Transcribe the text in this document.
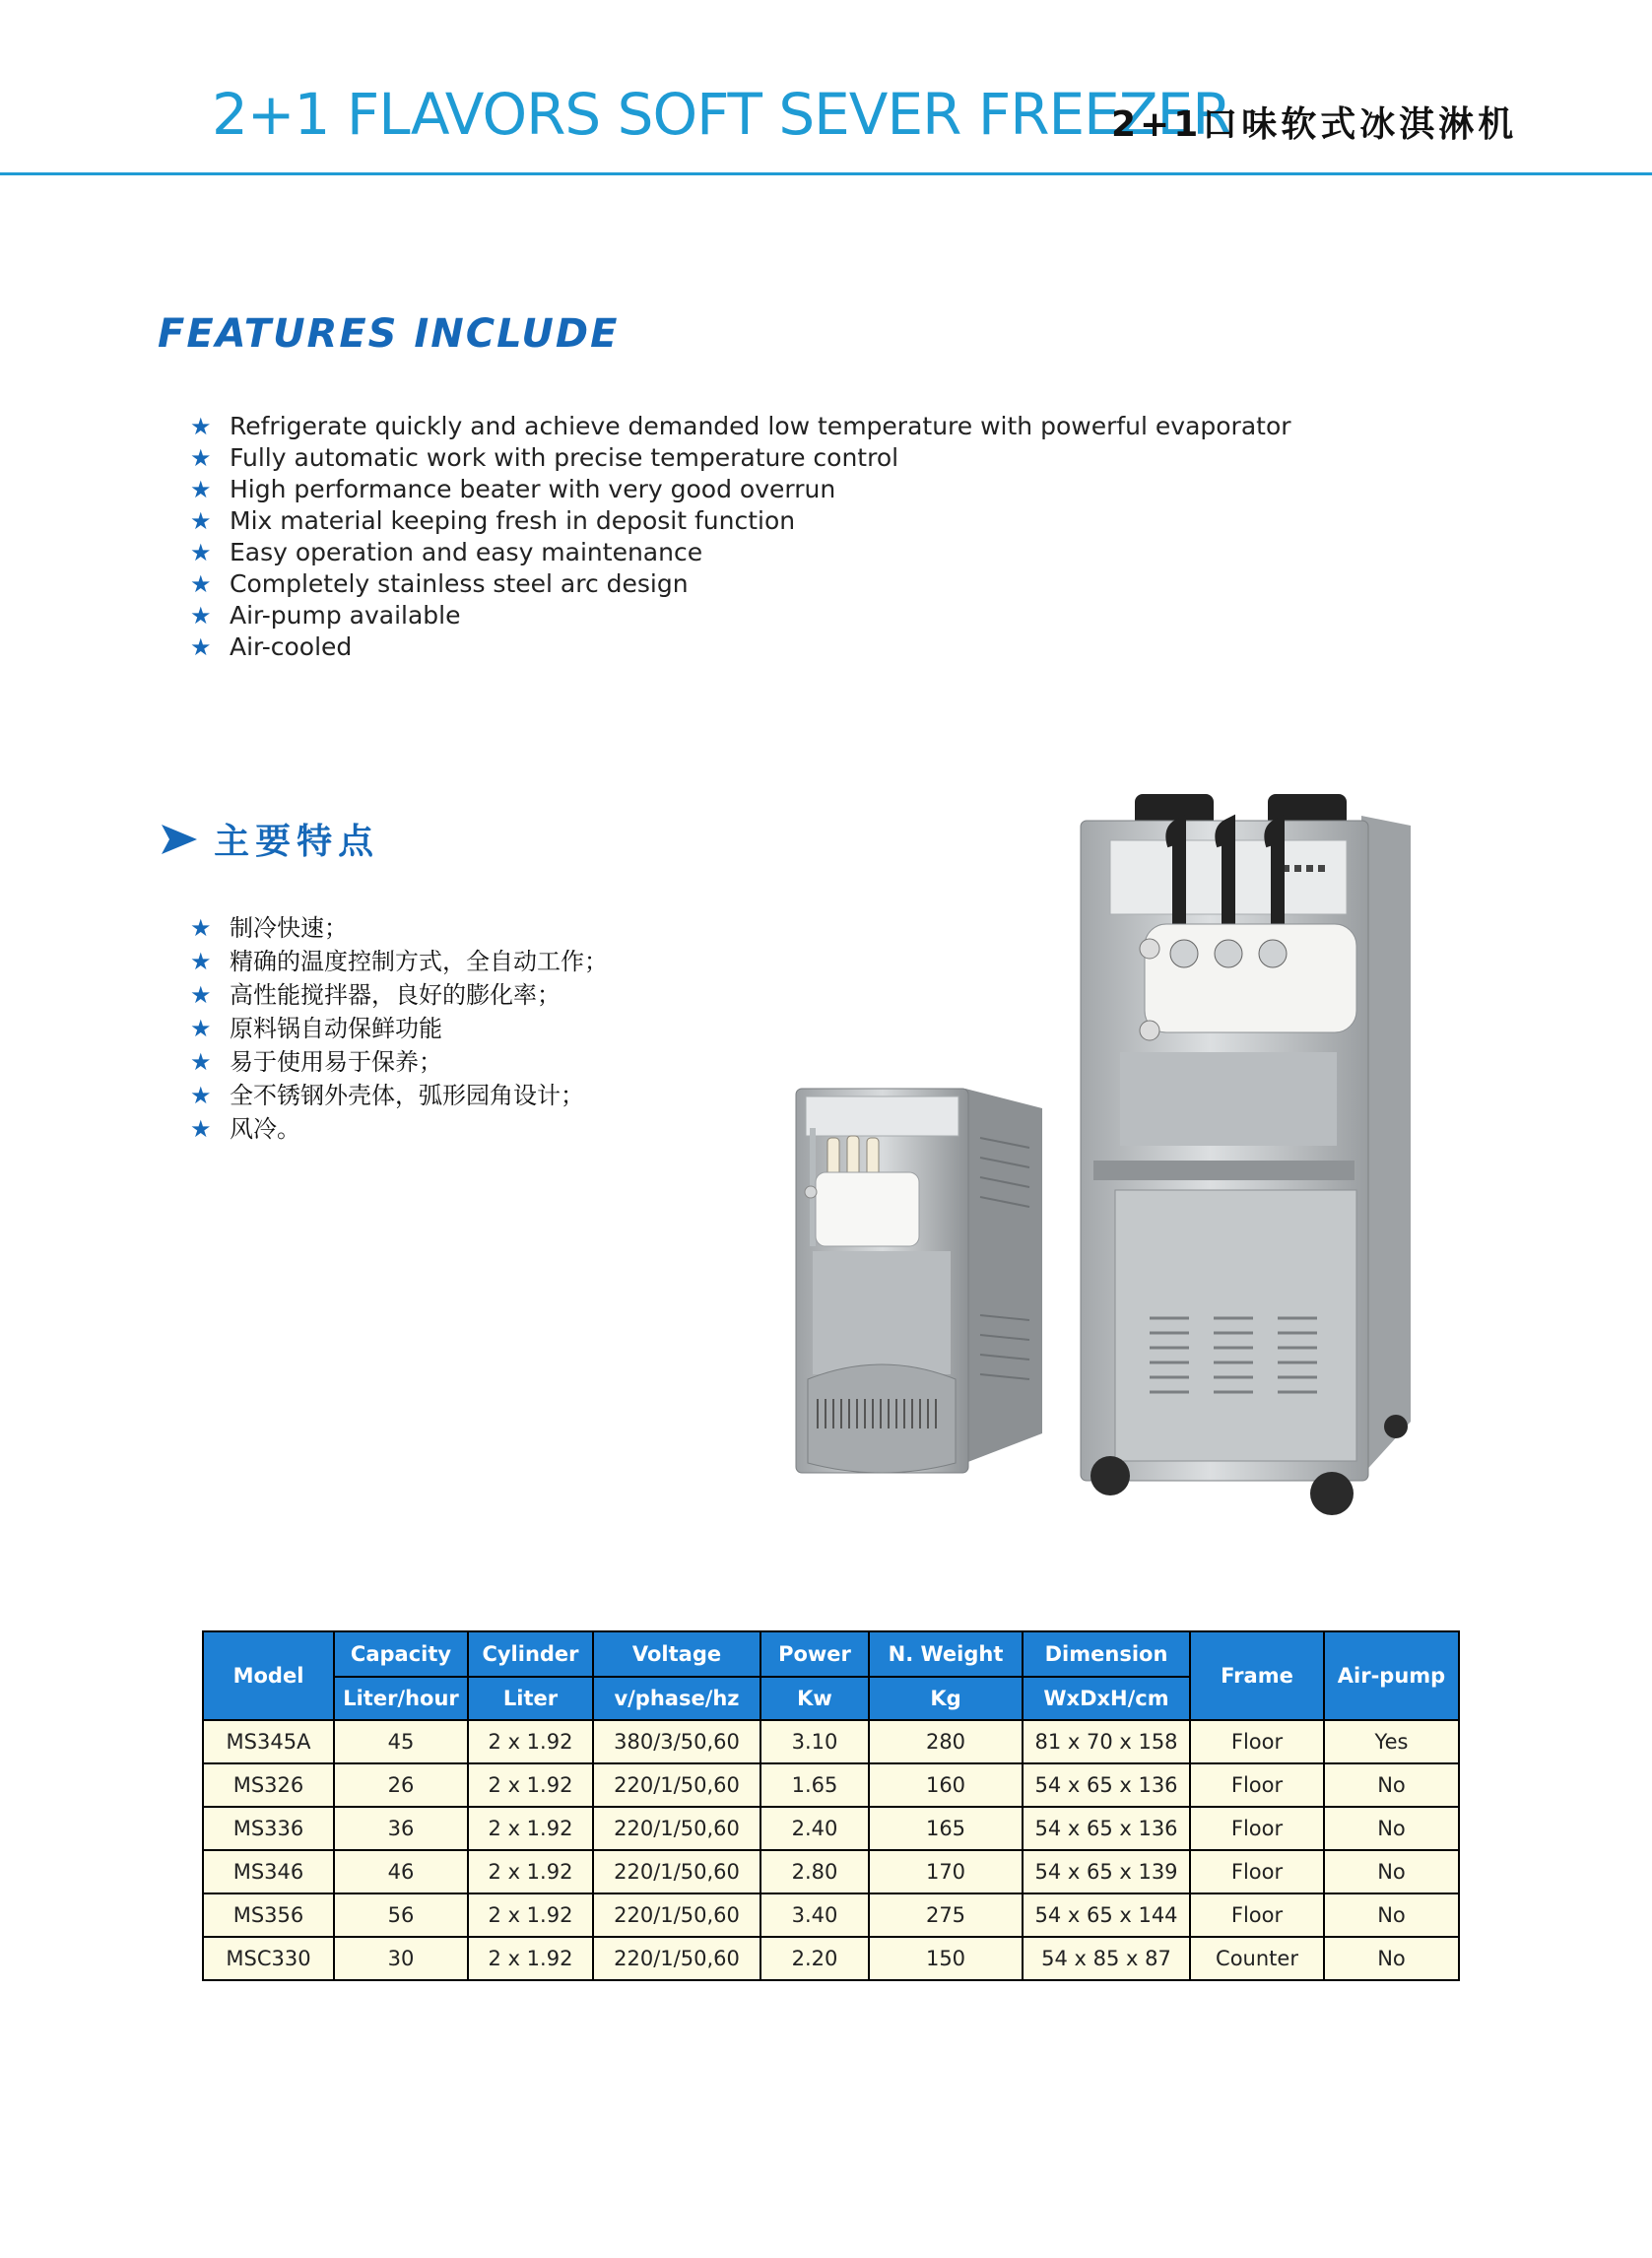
2+1 FLAVORS SOFT SEVER FREEZER
2+1口味软式冰淇淋机
FEATURES INCLUDE
★ Refrigerate quickly and achieve demanded low temperature with powerful evaporator
★ Fully automatic work with precise temperature control
★ High performance beater with very good overrun
★ Mix material keeping fresh in deposit function
★ Easy operation and easy maintenance
★ Completely stainless steel arc design
★ Air-pump available
★ Air-cooled
主要特点
★ 制冷快速；
★ 精确的温度控制方式，全自动工作；
★ 高性能搅拌器，良好的膨化率；
★ 原料锅自动保鲜功能
★ 易于使用易于保养；
★ 全不锈钢外壳体，弧形园角设计；
★ 风冷。
Model	Capacity	Cylinder	Voltage	Power	N. Weight	Dimension	Frame	Air-pump
	Liter/hour	Liter	v/phase/hz	Kw	Kg	WxDxH/cm		
MS345A	45	2 x 1.92	380/3/50,60	3.10	280	81 x 70 x 158	Floor	Yes
MS326	26	2 x 1.92	220/1/50,60	1.65	160	54 x 65 x 136	Floor	No
MS336	36	2 x 1.92	220/1/50,60	2.40	165	54 x 65 x 136	Floor	No
MS346	46	2 x 1.92	220/1/50,60	2.80	170	54 x 65 x 139	Floor	No
MS356	56	2 x 1.92	220/1/50,60	3.40	275	54 x 65 x 144	Floor	No
MSC330	30	2 x 1.92	220/1/50,60	2.20	150	54 x 85 x 87	Counter	No
